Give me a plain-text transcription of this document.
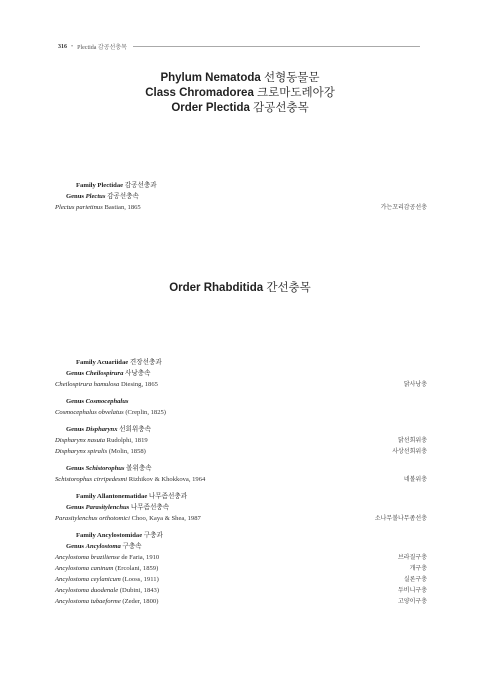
316 • Plectida 감공선충목
Phylum Nematoda 선형동물문
Class Chromadorea 크로마도레아강
Order Plectida 감공선충목
Family Plectidae 감공선충과
Genus Plectus 감공선충속
Plectus parietinus Bastian, 1865	가는꼬리감공선충
Order Rhabditida 간선충목
Family Acuariidae 견장선충과
Genus Cheilospirura 사낭충속
Cheilospirura hamulosa Diesing, 1865	닭사낭충
Genus Cosmocephalus
Cosmocephalus obvelatus (Creplin, 1825)
Genus Dispharynx 선회위충속
Dispharynx nasuta Rudolphi, 1819	닭선회위충
Dispharynx spiralis (Molin, 1858)	사상선회위충
Genus Schistorophus 볼위충속
Schistorophus cirripedesmi Rizhikov & Khokkova, 1964	네볼위충
Family Allantonematidae 나무좀선충과
Genus Parasitylenchus 나무좀선충속
Parasitylenchus orthotomici Choo, Kaya & Shea, 1987	소나무볼나무좀선충
Family Ancylostomidae 구충과
Genus Ancylostoma 구충속
Ancylostoma braziliense de Faria, 1910	브라질구충
Ancylostoma caninum (Ercolani, 1859)	개구충
Ancylostoma ceylanicum (Looss, 1911)	실론구충
Ancylostoma duodenale (Dubini, 1843)	두비니구충
Ancylostoma tubaeforme (Zeder, 1800)	고양이구충
